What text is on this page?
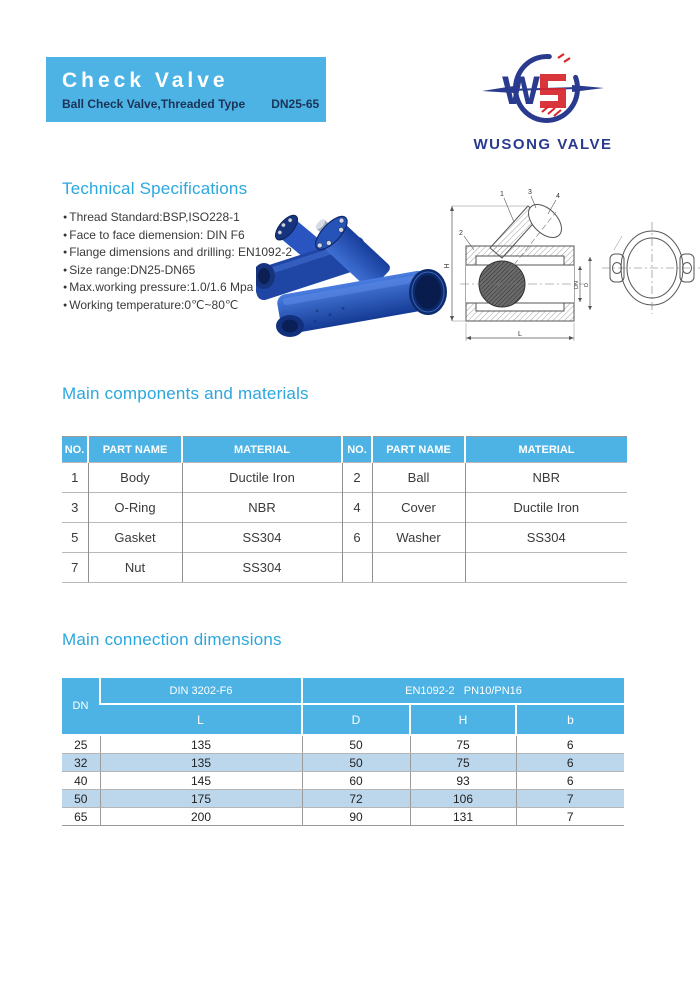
Check Valve
Ball Check Valve,Threaded Type DN25-65	W
WUSONG VALVE
Technical Specifications
● Thread Standard:BSP,ISO228-1
● Face to face diemension: DIN F6
● Flange dimensions and drilling: EN1092-2
● Size range:DN25-DN65
● Max.working pressure:1.0/1.6 Mpa
● Working temperature:0℃~80℃
1
2
3
4
H
L
DN D
Main components and materials
NO.	PART NAME	MATERIAL	NO.	PART NAME	MATERIAL
1	Body	Ductile Iron	2	Ball	NBR
3	O-Ring	NBR	4	Cover	Ductile Iron
5	Gasket	SS304	6	Washer	SS304
7	Nut	SS304			
Main connection dimensions
DN	DIN 3202-F6	EN1092-2   PN10/PN16		
	L	D	H	b
25	135	50	75	6
32	135	50	75	6
40	145	60	93	6
50	175	72	106	7
65	200	90	131	7
